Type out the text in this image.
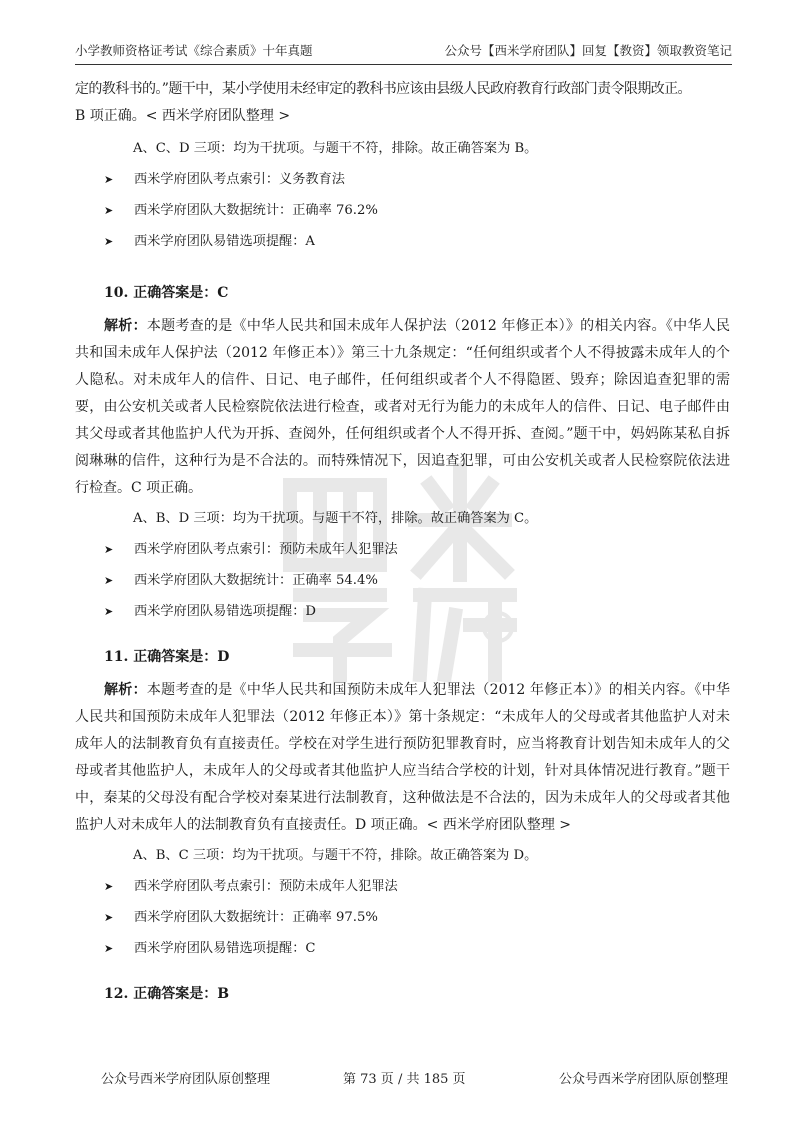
小学教师资格证考试《综合素质》十年真题	公众号【西米学府团队】回复【教资】领取教资笔记
定的教科书的。”题干中，某小学使用未经审定的教科书应该由县级人民政府教育行政部门责令限期改正。
B 项正确。< 西米学府团队整理 >
A、C、D 三项：均为干扰项。与题干不符，排除。故正确答案为 B。
➤ 西米学府团队考点索引：义务教育法
➤ 西米学府团队大数据统计：正确率 76.2%
➤ 西米学府团队易错选项提醒：A
10. 正确答案是：C

解析：本题考查的是《中华人民共和国未成年人保护法（2012 年修正本）》的相关内容。《中华人民共和国未成年人保护法（2012 年修正本）》第三十九条规定：“任何组织或者个人不得披露未成年人的个人隐私。对未成年人的信件、日记、电子邮件，任何组织或者个人不得隐匿、毁弃；除因追查犯罪的需要，由公安机关或者人民检察院依法进行检查，或者对无行为能力的未成年人的信件、日记、电子邮件由其父母或者其他监护人代为开拆、查阅外，任何组织或者个人不得开拆、查阅。”题干中，妈妈陈某私自拆阅琳琳的信件，这种行为是不合法的。而特殊情况下，因追查犯罪，可由公安机关或者人民检察院依法进行检查。C 项正确。

A、B、D 三项：均为干扰项。与题干不符，排除。故正确答案为 C。
➤ 西米学府团队考点索引：预防未成年人犯罪法
➤ 西米学府团队大数据统计：正确率 54.4%
➤ 西米学府团队易错选项提醒：D
11. 正确答案是：D

解析：本题考查的是《中华人民共和国预防未成年人犯罪法（2012 年修正本）》的相关内容。《中华人民共和国预防未成年人犯罪法（2012 年修正本）》第十条规定：“未成年人的父母或者其他监护人对未成年人的法制教育负有直接责任。学校在对学生进行预防犯罪教育时，应当将教育计划告知未成年人的父母或者其他监护人，未成年人的父母或者其他监护人应当结合学校的计划，针对具体情况进行教育。”题干中，秦某的父母没有配合学校对秦某进行法制教育，这种做法是不合法的，因为未成年人的父母或者其他监护人对未成年人的法制教育负有直接责任。D 项正确。< 西米学府团队整理 >

A、B、C 三项：均为干扰项。与题干不符，排除。故正确答案为 D。
➤ 西米学府团队考点索引：预防未成年人犯罪法
➤ 西米学府团队大数据统计：正确率 97.5%
➤ 西米学府团队易错选项提醒：C
12. 正确答案是：B
公众号西米学府团队原创整理	第 73 页 / 共 185 页	公众号西米学府团队原创整理
